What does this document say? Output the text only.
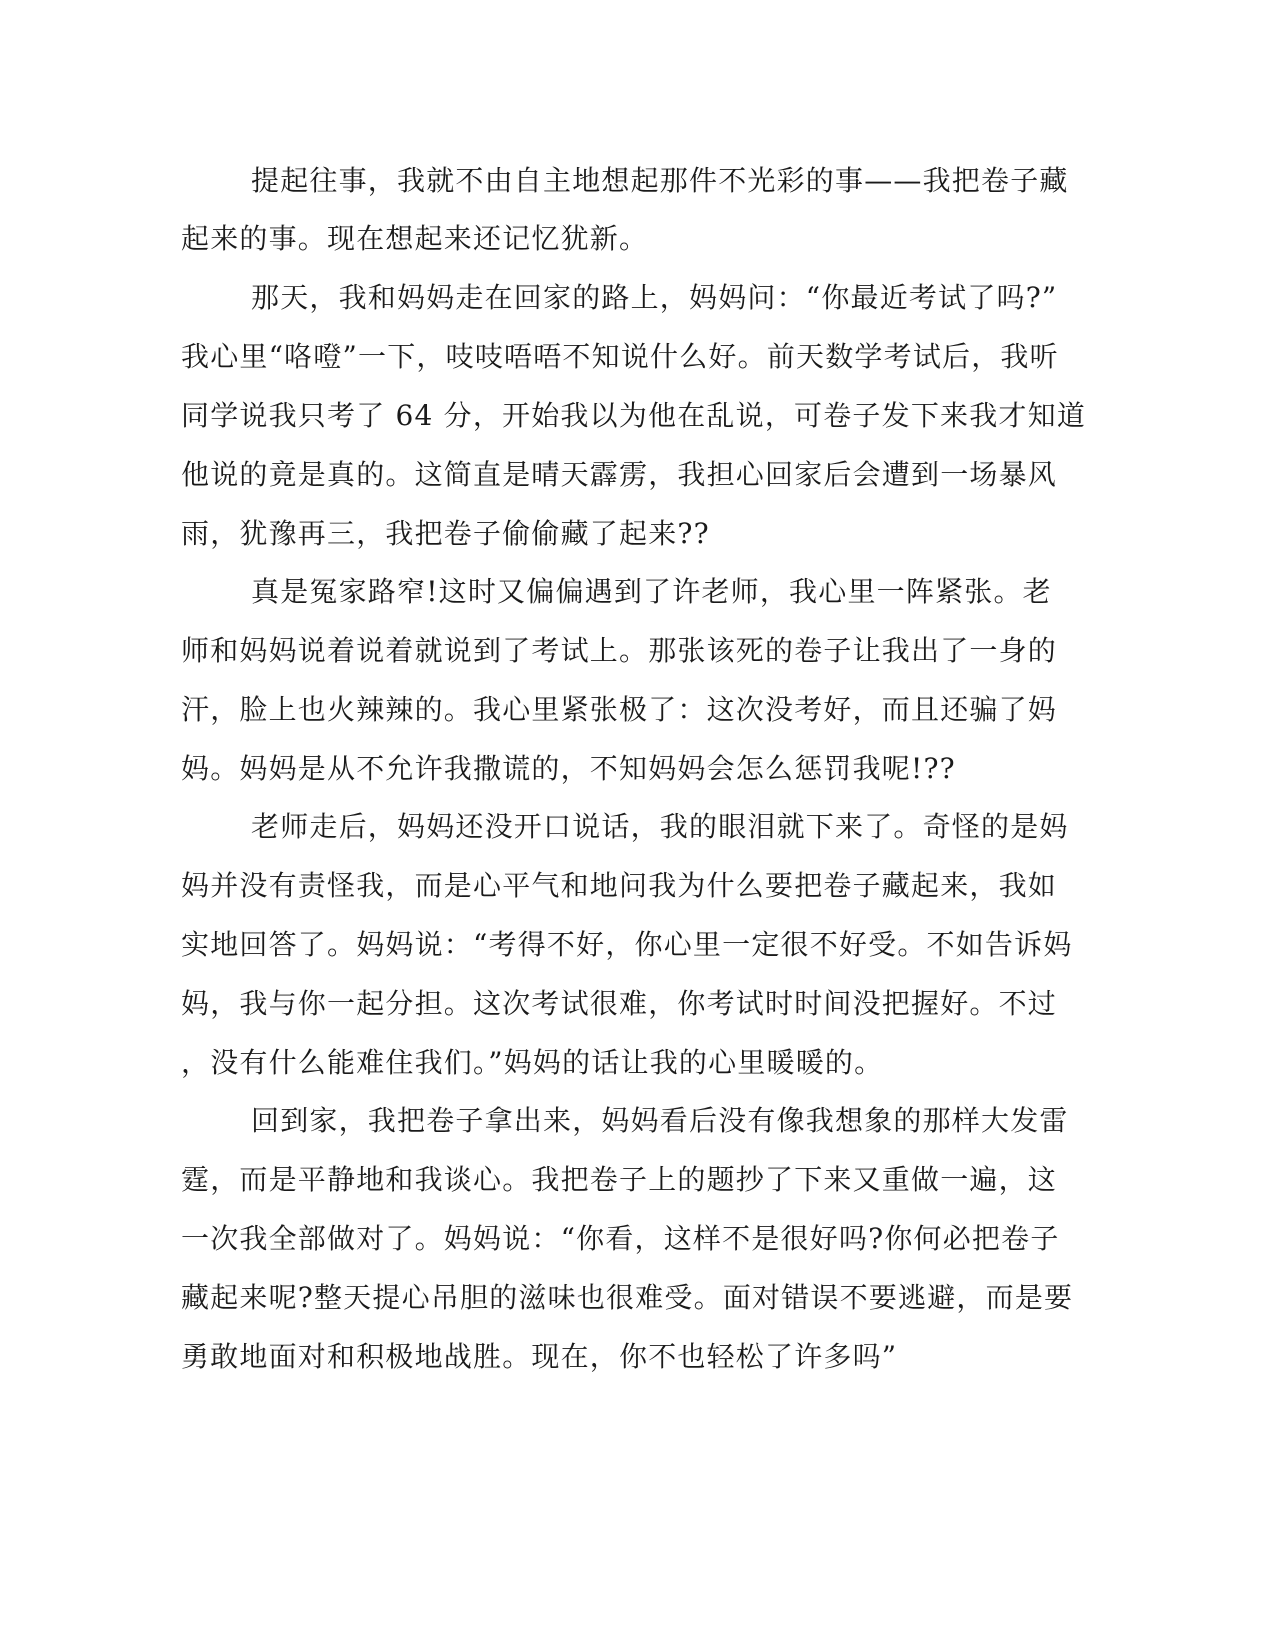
提起往事，我就不由自主地想起那件不光彩的事——我把卷子藏

起来的事。现在想起来还记忆犹新。

那天，我和妈妈走在回家的路上，妈妈问：“你最近考试了吗?”

我心里“咯噔”一下，吱吱唔唔不知说什么好。前天数学考试后，我听

同学说我只考了 64 分，开始我以为他在乱说，可卷子发下来我才知道

他说的竟是真的。这简直是晴天霹雳，我担心回家后会遭到一场暴风

雨，犹豫再三，我把卷子偷偷藏了起来??

真是冤家路窄!这时又偏偏遇到了许老师，我心里一阵紧张。老

师和妈妈说着说着就说到了考试上。那张该死的卷子让我出了一身的

汗，脸上也火辣辣的。我心里紧张极了：这次没考好，而且还骗了妈

妈。妈妈是从不允许我撒谎的，不知妈妈会怎么惩罚我呢!??

老师走后，妈妈还没开口说话，我的眼泪就下来了。奇怪的是妈

妈并没有责怪我，而是心平气和地问我为什么要把卷子藏起来，我如

实地回答了。妈妈说：“考得不好，你心里一定很不好受。不如告诉妈

妈，我与你一起分担。这次考试很难，你考试时时间没把握好。不过

，没有什么能难住我们。”妈妈的话让我的心里暖暖的。

回到家，我把卷子拿出来，妈妈看后没有像我想象的那样大发雷

霆，而是平静地和我谈心。我把卷子上的题抄了下来又重做一遍，这

一次我全部做对了。妈妈说：“你看，这样不是很好吗?你何必把卷子

藏起来呢?整天提心吊胆的滋味也很难受。面对错误不要逃避，而是要

勇敢地面对和积极地战胜。现在，你不也轻松了许多吗”
